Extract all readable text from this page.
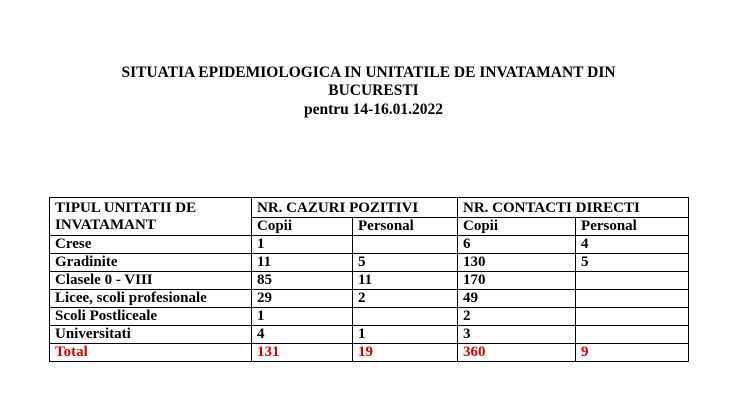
SITUATIA EPIDEMIOLOGICA IN UNITATILE DE INVATAMANT DIN
BUCURESTI
pentru 14-16.01.2022
TIPUL UNITATII DE
INVATAMANT	NR. CAZURI POZITIVI		NR. CONTACTI DIRECTI	
	Copii	Personal	Copii	Personal
Crese	1		6	4
Gradinite	11	5	130	5
Clasele 0 - VIII	85	11	170	
Licee, scoli profesionale	29	2	49	
Scoli Postliceale	1		2	
Universitati	4	1	3	
Total	131	19	360	9
